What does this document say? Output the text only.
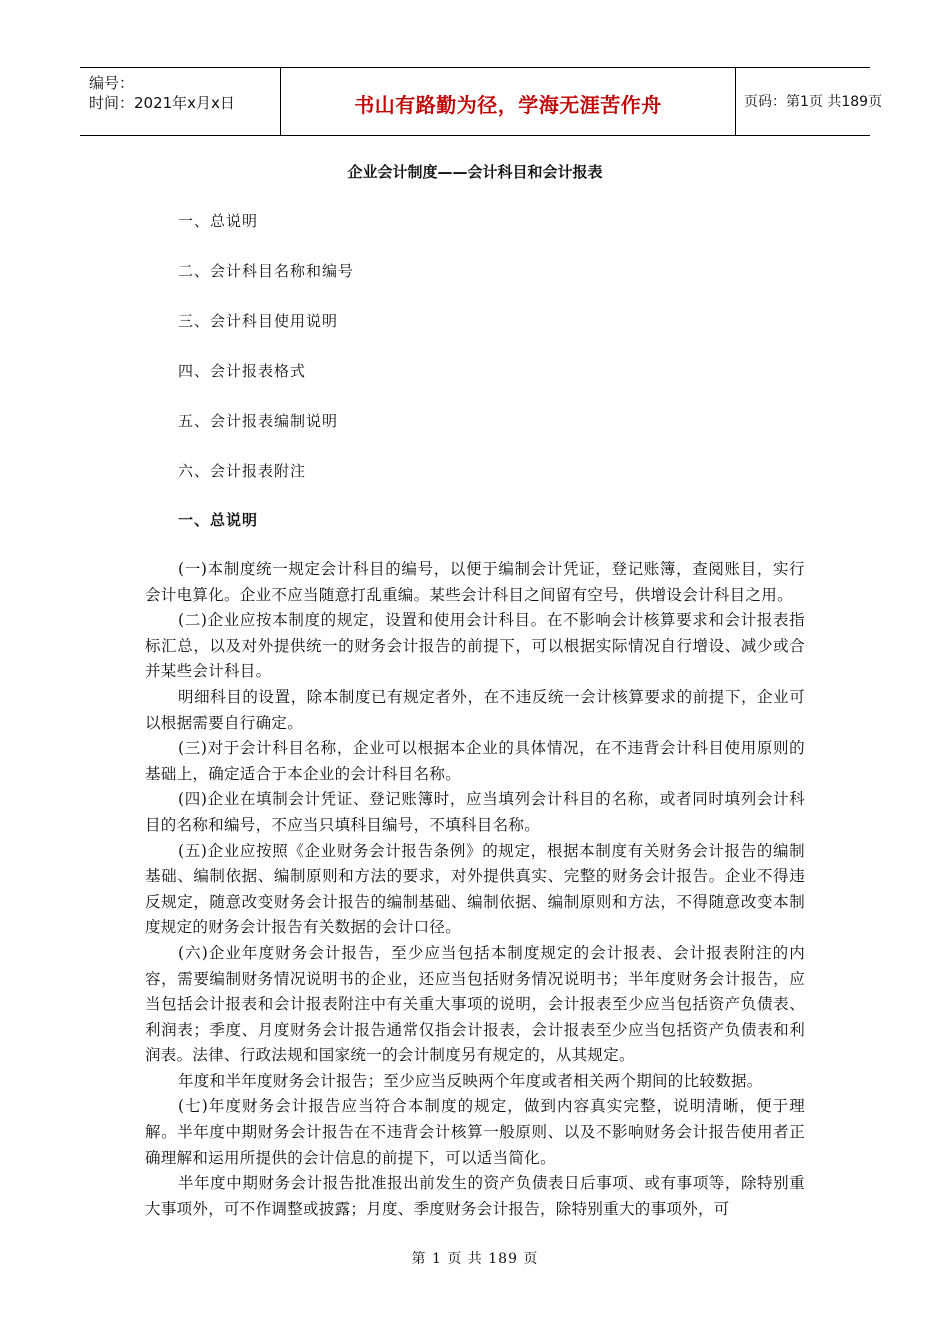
编号：
时间：2021年x月x日	书山有路勤为径，学海无涯苦作舟	页码：第1页 共189页
企业会计制度——会计科目和会计报表
一、总说明
二、会计科目名称和编号
三、会计科目使用说明
四、会计报表格式
五、会计报表编制说明
六、会计报表附注
一、总说明

(一)本制度统一规定会计科目的编号，以便于编制会计凭证，登记账簿，查阅账目，实行会计电算化。企业不应当随意打乱重编。某些会计科目之间留有空号，供增设会计科目之用。

(二)企业应按本制度的规定，设置和使用会计科目。在不影响会计核算要求和会计报表指标汇总，以及对外提供统一的财务会计报告的前提下，可以根据实际情况自行增设、减少或合并某些会计科目。

明细科目的设置，除本制度已有规定者外，在不违反统一会计核算要求的前提下，企业可以根据需要自行确定。

(三)对于会计科目名称，企业可以根据本企业的具体情况，在不违背会计科目使用原则的基础上，确定适合于本企业的会计科目名称。

(四)企业在填制会计凭证、登记账簿时，应当填列会计科目的名称，或者同时填列会计科目的名称和编号，不应当只填科目编号，不填科目名称。

(五)企业应按照《企业财务会计报告条例》的规定，根据本制度有关财务会计报告的编制基础、编制依据、编制原则和方法的要求，对外提供真实、完整的财务会计报告。企业不得违反规定，随意改变财务会计报告的编制基础、编制依据、编制原则和方法，不得随意改变本制度规定的财务会计报告有关数据的会计口径。

(六)企业年度财务会计报告，至少应当包括本制度规定的会计报表、会计报表附注的内容，需要编制财务情况说明书的企业，还应当包括财务情况说明书；半年度财务会计报告，应当包括会计报表和会计报表附注中有关重大事项的说明，会计报表至少应当包括资产负债表、利润表；季度、月度财务会计报告通常仅指会计报表，会计报表至少应当包括资产负债表和利润表。法律、行政法规和国家统一的会计制度另有规定的，从其规定。

年度和半年度财务会计报告；至少应当反映两个年度或者相关两个期间的比较数据。

(七)年度财务会计报告应当符合本制度的规定，做到内容真实完整，说明清晰，便于理解。半年度中期财务会计报告在不违背会计核算一般原则、以及不影响财务会计报告使用者正确理解和运用所提供的会计信息的前提下，可以适当简化。

半年度中期财务会计报告批准报出前发生的资产负债表日后事项、或有事项等，除特别重大事项外，可不作调整或披露；月度、季度财务会计报告，除特别重大的事项外，可

第 1 页 共 189 页
